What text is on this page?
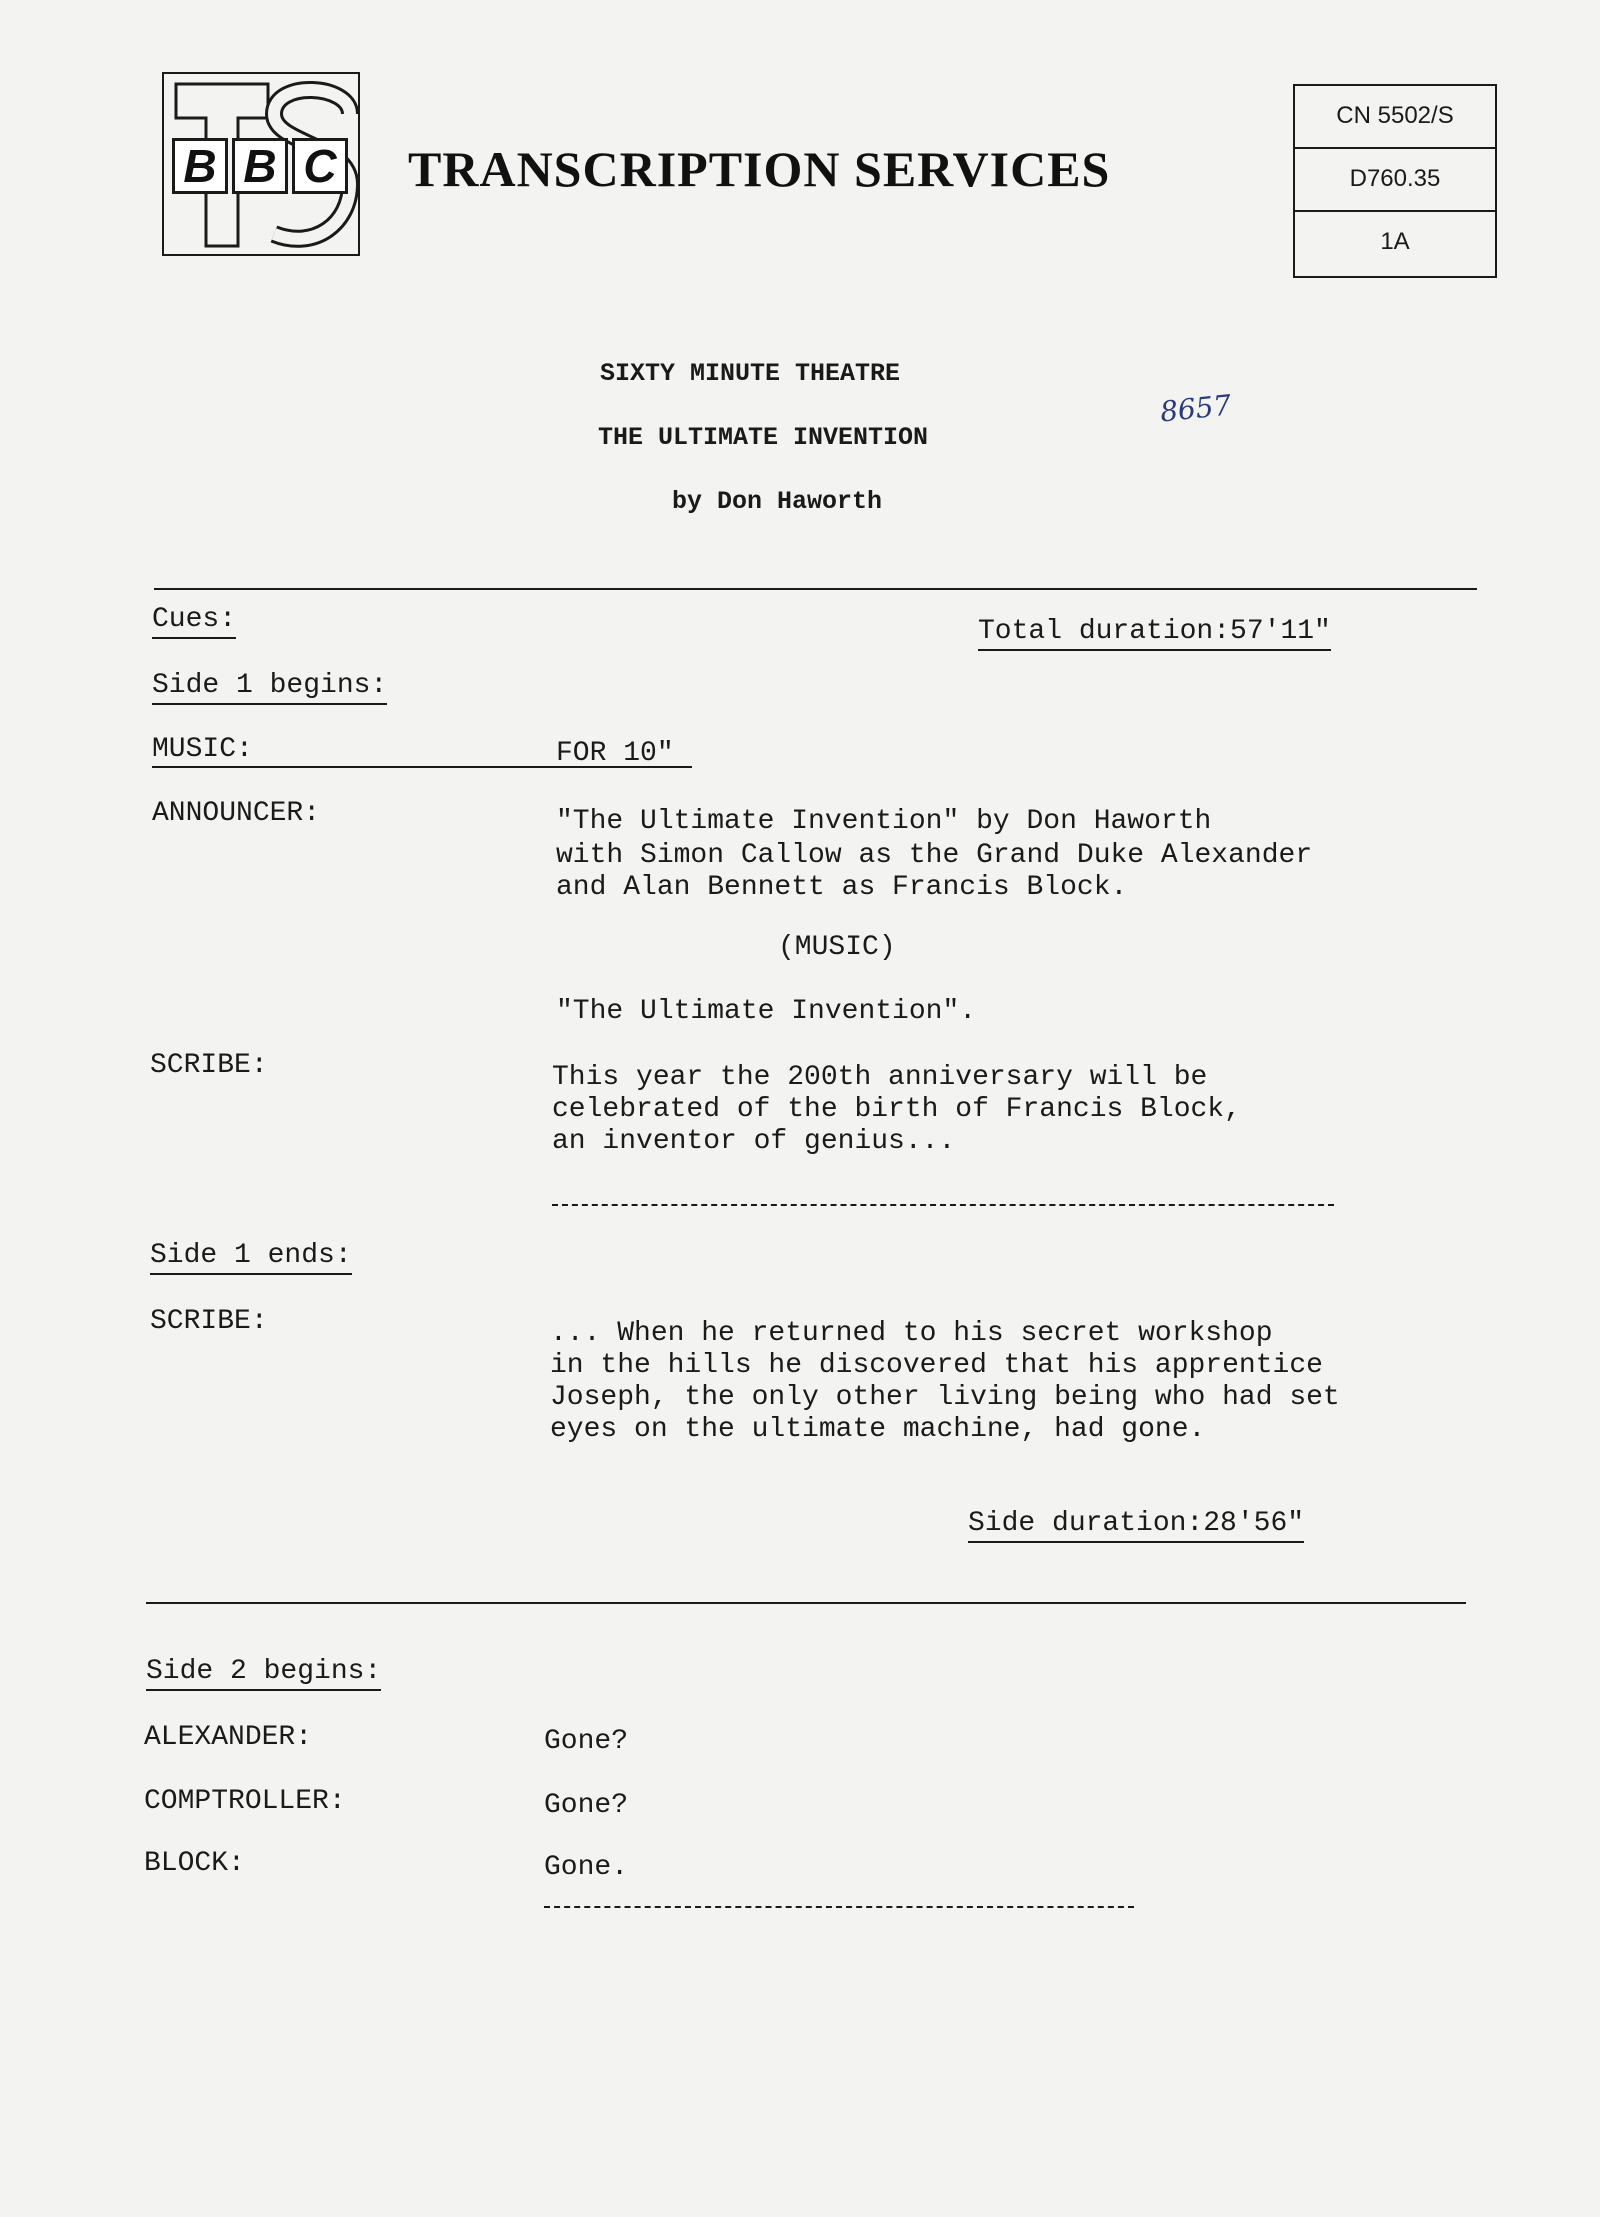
B B C TRANSCRIPTION SERVICES
CN 5502/S
D760.35
1A
8657
SIXTY MINUTE THEATRE
THE ULTIMATE INVENTION
by Don Haworth
Cues:	Total duration:57'11"
Side 1 begins:
MUSIC:	FOR 10"
ANNOUNCER:	"The Ultimate Invention" by Don Haworth
with Simon Callow as the Grand Duke Alexander
and Alan Bennett as Francis Block.
(MUSIC)
"The Ultimate Invention".
SCRIBE:	This year the 200th anniversary will be
celebrated of the birth of Francis Block,
an inventor of genius...
Side 1 ends:
SCRIBE:	... When he returned to his secret workshop
in the hills he discovered that his apprentice
Joseph, the only other living being who had set
eyes on the ultimate machine, had gone.
Side duration:28'56"
Side 2 begins:
ALEXANDER:	Gone?
COMPTROLLER:	Gone?
BLOCK:	Gone.
